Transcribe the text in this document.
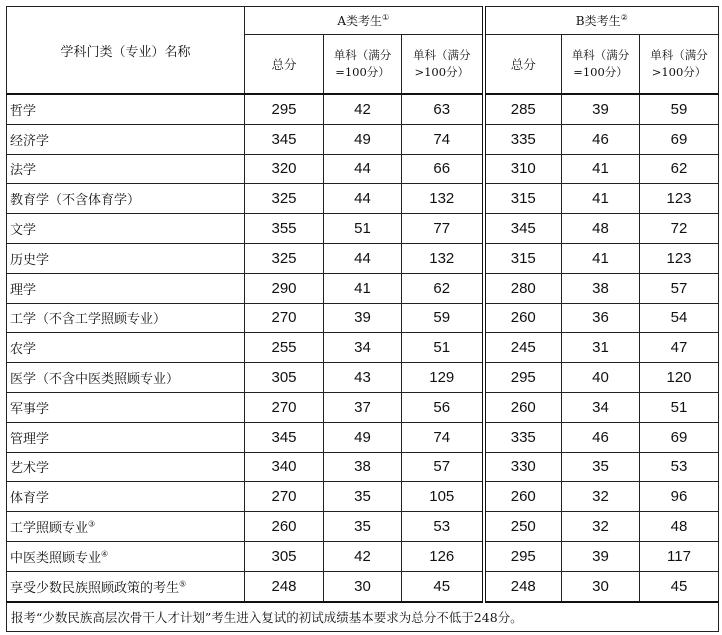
学科门类（专业）名称	A类考生①			B类考生②
	总分	单科（满分=100分）	单科（满分>100分）	总分	单科（满分=100分）	单科（满分>100分）
哲学	295	42	63	285	39	59
经济学	345	49	74	335	46	69
法学	320	44	66	310	41	62
教育学（不含体育学）	325	44	132	315	41	123
文学	355	51	77	345	48	72
历史学	325	44	132	315	41	123
理学	290	41	62	280	38	57
工学（不含工学照顾专业）	270	39	59	260	36	54
农学	255	34	51	245	31	47
医学（不含中医类照顾专业）	305	43	129	295	40	120
军事学	270	37	56	260	34	51
管理学	345	49	74	335	46	69
艺术学	340	38	57	330	35	53
体育学	270	35	105	260	32	96
工学照顾专业③	260	35	53	250	32	48
中医类照顾专业④	305	42	126	295	39	117
享受少数民族照顾政策的考生⑤	248	30	45	248	30	45
报考“少数民族高层次骨干人才计划”考生进入复试的初试成绩基本要求为总分不低于248分。						
